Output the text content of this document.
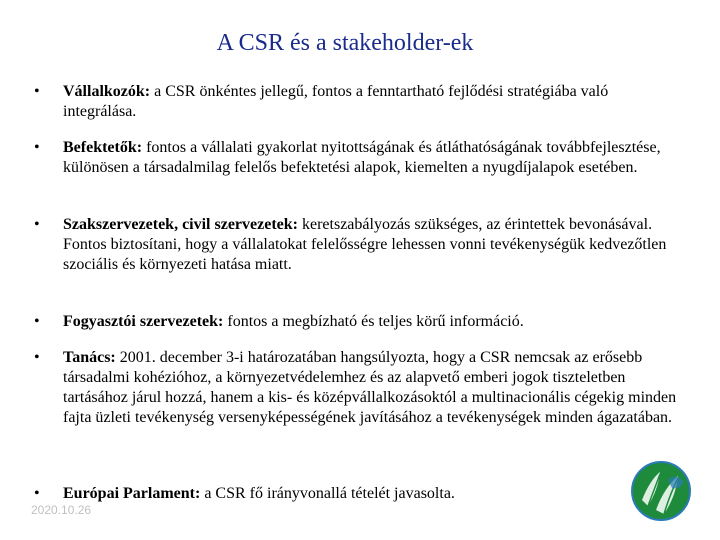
A CSR és a stakeholder-ek
• Vállalkozók: a CSR önkéntes jellegű, fontos a fenntartható fejlődési stratégiába való integrálása.

• Befektetők: fontos a vállalati gyakorlat nyitottságának és átláthatóságának továbbfejlesztése, különösen a társadalmilag felelős befektetési alapok, kiemelten a nyugdíjalapok esetében.

• Szakszervezetek, civil szervezetek: keretszabályozás szükséges, az érintettek bevonásával. Fontos biztosítani, hogy a vállalatokat felelősségre lehessen vonni tevékenységük kedvezőtlen szociális és környezeti hatása miatt.

• Fogyasztói szervezetek: fontos a megbízható és teljes körű információ.

• Tanács: 2001. december 3-i határozatában hangsúlyozta, hogy a CSR nemcsak az erősebb társadalmi kohézióhoz, a környezetvédelemhez és az alapvető emberi jogok tiszteletben tartásához járul hozzá, hanem a kis- és középvállalkozásoktól a multinacionális cégekig minden fajta üzleti tevékenység versenyképességének javításához a tevékenységek minden ágazatában.

• Európai Parlament: a CSR fő irányvonallá tételét javasolta.

2020.10.26
